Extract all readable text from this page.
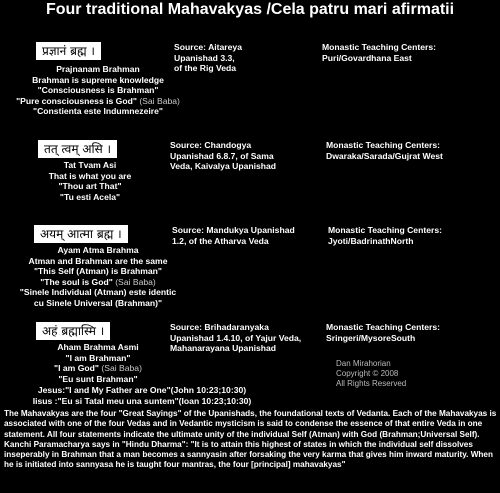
Four traditional Mahavakyas /Cela patru mari afirmatii
प्रज्ञानं ब्रह्म ।
Prajnanam Brahman
Brahman is supreme knowledge
"Consciousness is Brahman"
"Pure consciousness is God" (Sai Baba)
"Constienta este Indumnezeire"
Source: Aitareya
Upanishad 3.3,
of the Rig Veda
Monastic Teaching Centers:
Puri/Govardhana East
तत् त्वम् असि ।
Tat Tvam Asi
That is what you are
"Thou art That"
"Tu esti Acela"
Source: Chandogya
Upanishad 6.8.7, of Sama
Veda, Kaivalya Upanishad
Monastic Teaching Centers:
Dwaraka/Sarada/Gujrat West
अयम् आत्मा ब्रह्म ।
Ayam Atma Brahma
Atman and Brahman are the same
"This Self (Atman) is Brahman"
"The soul is God" (Sai Baba)
"Sinele Individual (Atman) este identic
cu Sinele Universal (Brahman)"
Source: Mandukya Upanishad
1.2, of the Atharva Veda
Monastic Teaching Centers:
Jyoti/BadrinathNorth
अहं ब्रह्मास्मि ।
Aham Brahma Asmi
"I am Brahman"
"I am God" (Sai Baba)
"Eu sunt Brahman"
Source: Brihadaranyaka
Upanishad 1.4.10, of Yajur Veda,
Mahanarayana Upanishad
Monastic Teaching Centers:
Sringeri/MysoreSouth
Jesus:"I and My Father are One"(John 10:23;10:30)
Iisus :"Eu si Tatal meu una suntem"(Ioan 10:23;10:30)
Dan Mirahorian
Copyright © 2008
All Rights Reserved
The Mahavakyas are the four "Great Sayings" of the Upanishads, the foundational texts of Vedanta. Each of the Mahavakyas is associated with one of the four Vedas and in Vedantic mysticism is said to condense the essence of that entire Veda in one statement. All four statements indicate the ultimate unity of the individual Self (Atman) with God (Brahman;Universal Self). Kanchi Paramacharya says in "Hindu Dharma": "It is to attain this highest of states in which the individual self dissolves inseperably in Brahman that a man becomes a sannyasin after forsaking the very karma that gives him inward maturity. When he is initiated into sannyasa he is taught four mantras, the four [principal] mahavakyas"
